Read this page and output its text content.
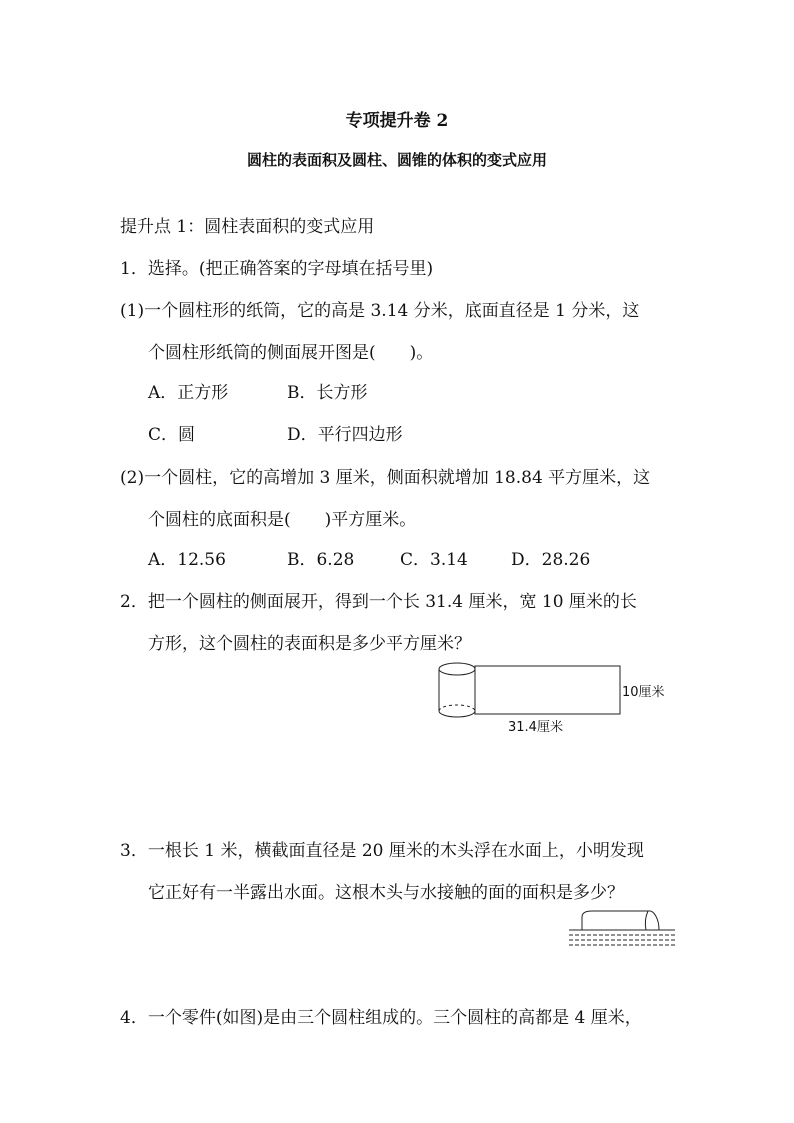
专项提升卷 2
圆柱的表面积及圆柱、圆锥的体积的变式应用
提升点 1：圆柱表面积的变式应用
1．选择。(把正确答案的字母填在括号里)
(1)一个圆柱形的纸筒，它的高是 3.14 分米，底面直径是 1 分米，这
个圆柱形纸筒的侧面展开图是(　　)。
A．正方形	B．长方形
C．圆	D．平行四边形
(2)一个圆柱，它的高增加 3 厘米，侧面积就增加 18.84 平方厘米，这
个圆柱的底面积是(　　)平方厘米。
A．12.56	B．6.28	C．3.14	D．28.26
2．把一个圆柱的侧面展开，得到一个长 31.4 厘米，宽 10 厘米的长
方形，这个圆柱的表面积是多少平方厘米？
10厘米
31.4厘米
3．一根长 1 米，横截面直径是 20 厘米的木头浮在水面上，小明发现
它正好有一半露出水面。这根木头与水接触的面的面积是多少？
4．一个零件(如图)是由三个圆柱组成的。三个圆柱的高都是 4 厘米，
